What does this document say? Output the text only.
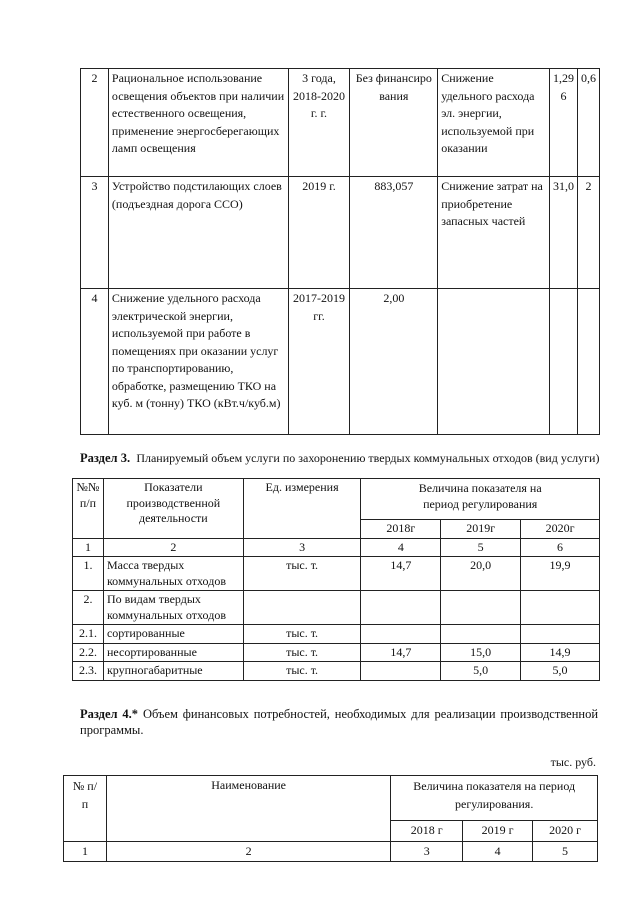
2	Рациональное использование освещения объектов при наличии естественного освещения, применение энергосберегающих ламп освещения	3 года, 2018-2020 г. г.	Без финансирования	Снижение удельного расхода эл. энергии, используемой при оказании	1,296	0,6
3	Устройство подстилающих слоев (подъездная дорога ССО)	2019 г.	883,057	Снижение затрат на приобретение запасных частей	31,0	2
4	Снижение удельного расхода электрической энергии, используемой при работе в помещениях при оказании услуг по транспортированию, обработке, размещению ТКО на куб. м (тонну) ТКО (кВт.ч/куб.м)	2017-2019 гг.	2,00			
Раздел 3. Планируемый объем услуги по захоронению твердых коммунальных отходов (вид услуги)
№№ п/п	Показатели производственной деятельности	Ед. измерения	Величина показателя на период регулирования		
			2018г	2019г	2020г
1	2	3	4	5	6
1.	Масса твердых коммунальных отходов	тыс. т.	14,7	20,0	19,9
2.	По видам твердых коммунальных отходов				
2.1.	сортированные	тыс. т.			
2.2.	несортированные	тыс. т.	14,7	15,0	14,9
2.3.	крупногабаритные	тыс. т.		5,0	5,0
Раздел 4.* Объем финансовых потребностей, необходимых для реализации производственной программы.
тыс. руб.
№ п/п	Наименование	Величина показателя на период регулирования.		
		2018 г	2019 г	2020 г
1	2	3	4	5
